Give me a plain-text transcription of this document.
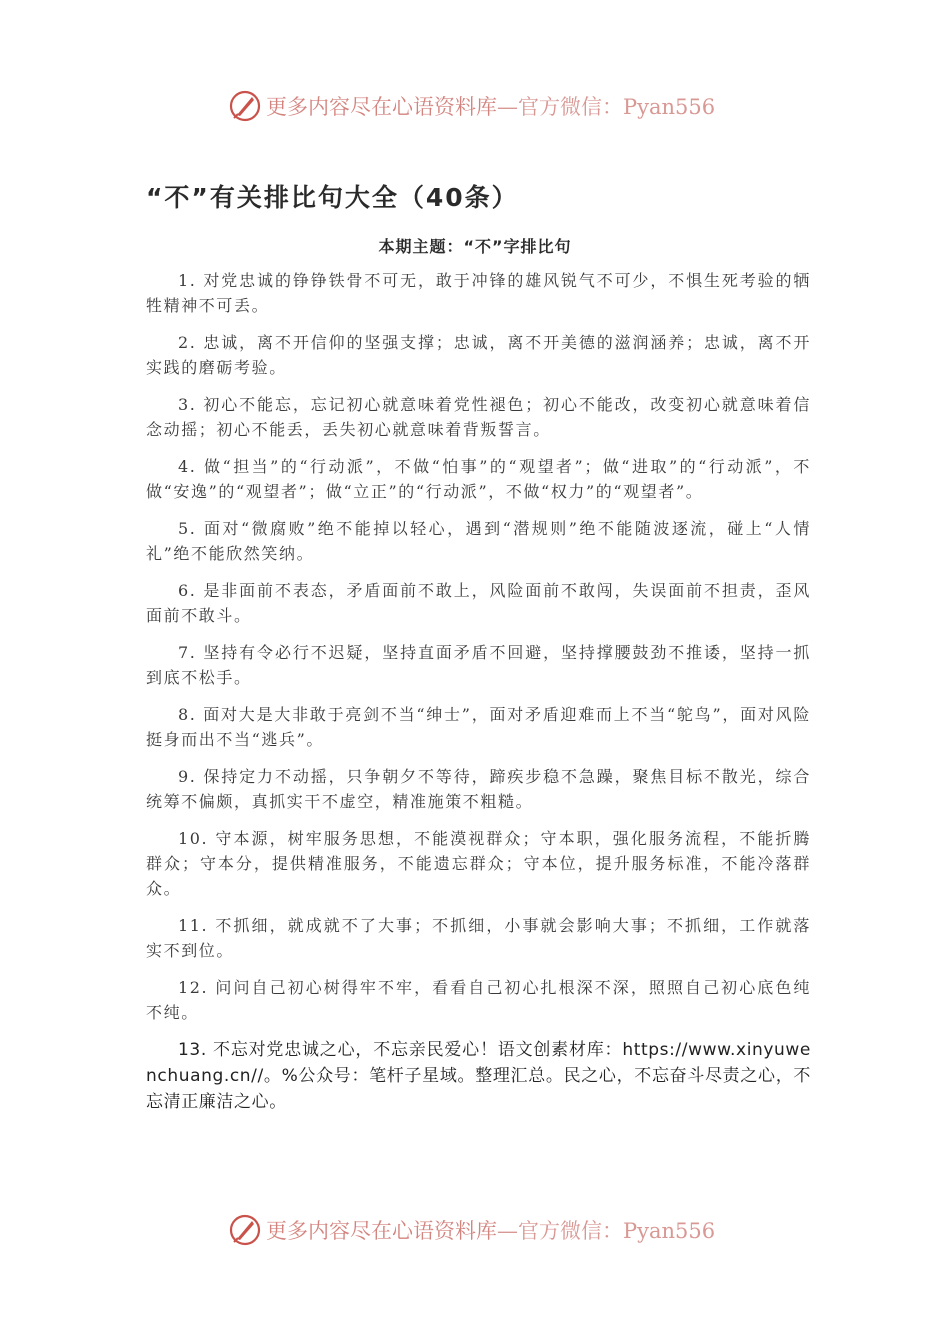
更多内容尽在心语资料库—官方微信：Pyan556
“不”有关排比句大全（40条）
本期主题：“不”字排比句

1. 对党忠诚的铮铮铁骨不可无，敢于冲锋的雄风锐气不可少，不惧生死考验的牺牲精神不可丢。

2. 忠诚，离不开信仰的坚强支撑；忠诚，离不开美德的滋润涵养；忠诚，离不开实践的磨砺考验。

3. 初心不能忘，忘记初心就意味着党性褪色；初心不能改，改变初心就意味着信念动摇；初心不能丢，丢失初心就意味着背叛誓言。

4. 做“担当”的“行动派”，不做“怕事”的“观望者”；做“进取”的“行动派”，不做“安逸”的“观望者”；做“立正”的“行动派”，不做“权力”的“观望者”。

5. 面对“微腐败”绝不能掉以轻心，遇到“潜规则”绝不能随波逐流，碰上“人情礼”绝不能欣然笑纳。

6. 是非面前不表态，矛盾面前不敢上，风险面前不敢闯，失误面前不担责，歪风面前不敢斗。

7. 坚持有令必行不迟疑，坚持直面矛盾不回避，坚持撑腰鼓劲不推诿，坚持一抓到底不松手。

8. 面对大是大非敢于亮剑不当“绅士”，面对矛盾迎难而上不当“鸵鸟”，面对风险挺身而出不当“逃兵”。

9. 保持定力不动摇，只争朝夕不等待，蹄疾步稳不急躁，聚焦目标不散光，综合统筹不偏颇，真抓实干不虚空，精准施策不粗糙。

10. 守本源，树牢服务思想，不能漠视群众；守本职，强化服务流程，不能折腾群众；守本分，提供精准服务，不能遗忘群众；守本位，提升服务标准，不能冷落群众。

11. 不抓细，就成就不了大事；不抓细，小事就会影响大事；不抓细，工作就落实不到位。

12. 问问自己初心树得牢不牢，看看自己初心扎根深不深，照照自己初心底色纯不纯。

13. 不忘对党忠诚之心，不忘亲民爱心！语文创素材库：https://www.xinyuwenchuang.cn//。%公众号：笔杆子星域。整理汇总。民之心，不忘奋斗尽责之心，不忘清正廉洁之心。

更多内容尽在心语资料库—官方微信：Pyan556
